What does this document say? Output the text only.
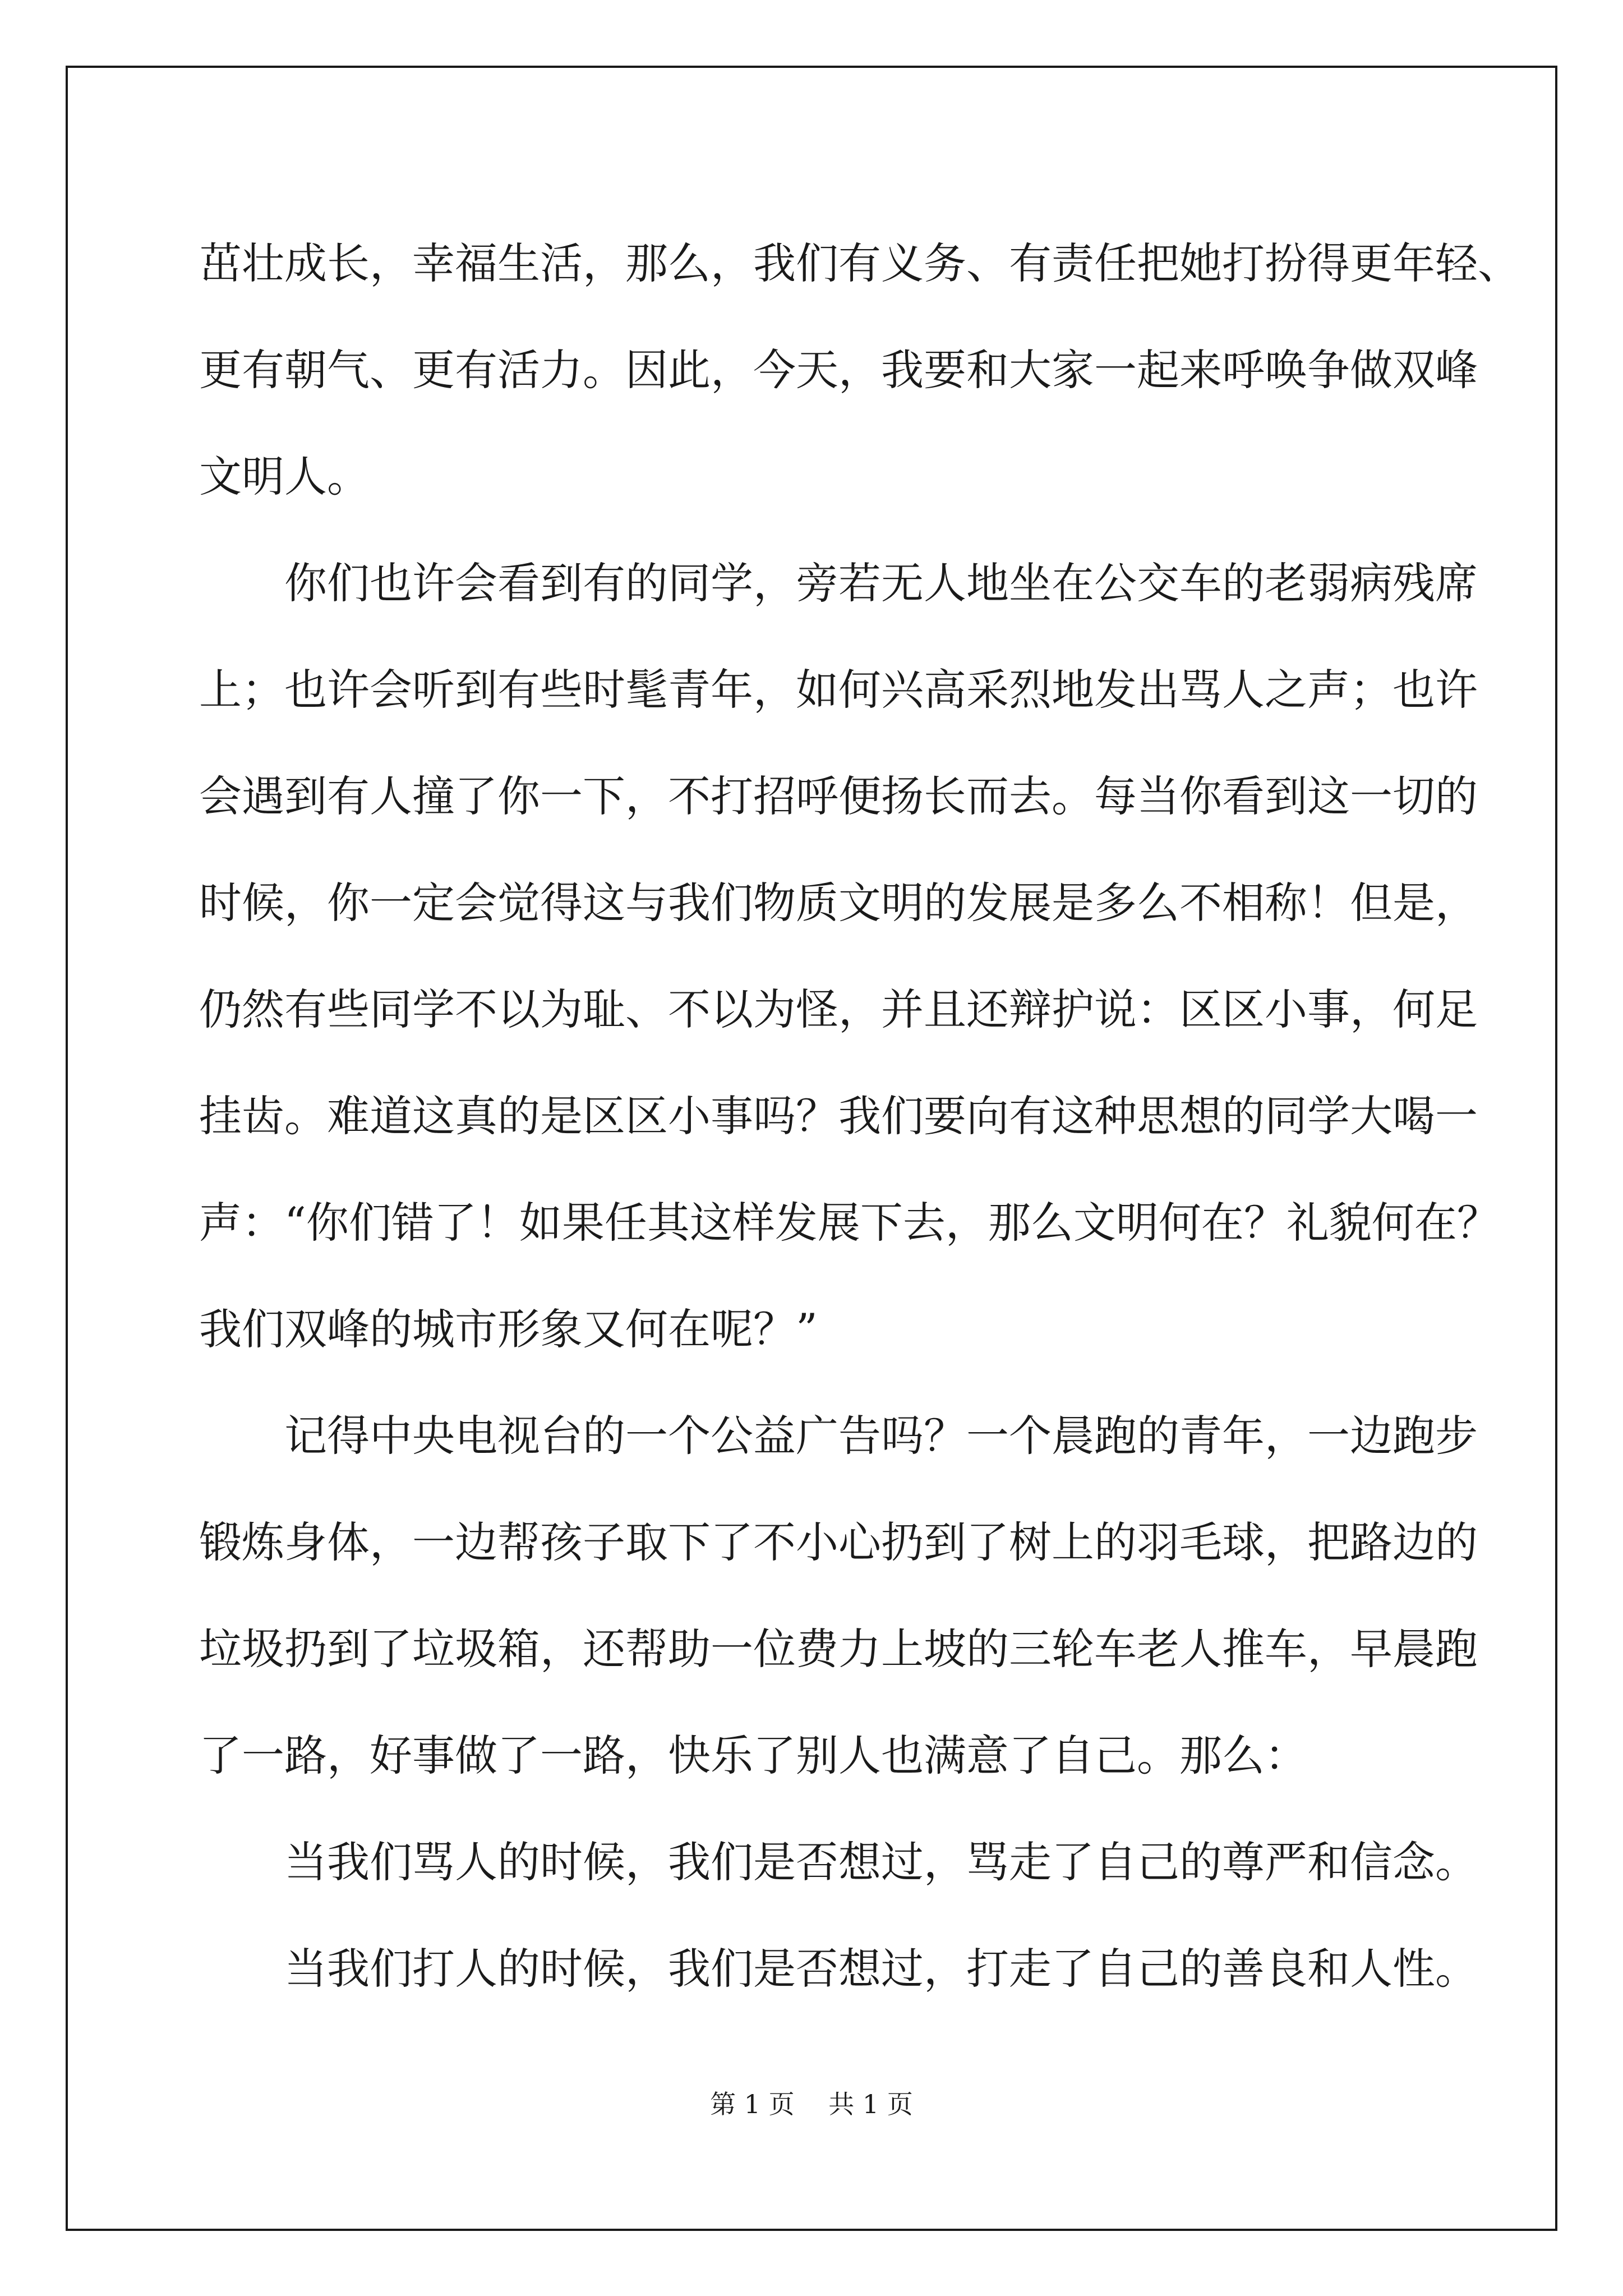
茁壮成长，幸福生活，那么，我们有义务、有责任把她打扮得更年轻、
更有朝气、更有活力。因此，今天，我要和大家一起来呼唤争做双峰
文明人。
你们也许会看到有的同学，旁若无人地坐在公交车的老弱病残席
上；也许会听到有些时髦青年，如何兴高采烈地发出骂人之声；也许
会遇到有人撞了你一下，不打招呼便扬长而去。每当你看到这一切的
时候，你一定会觉得这与我们物质文明的发展是多么不相称！但是，
仍然有些同学不以为耻、不以为怪，并且还辩护说：区区小事，何足
挂齿。难道这真的是区区小事吗？我们要向有这种思想的同学大喝一
声：“你们错了！如果任其这样发展下去，那么文明何在？礼貌何在？
我们双峰的城市形象又何在呢？”
记得中央电视台的一个公益广告吗？一个晨跑的青年，一边跑步
锻炼身体，一边帮孩子取下了不小心扔到了树上的羽毛球，把路边的
垃圾扔到了垃圾箱，还帮助一位费力上坡的三轮车老人推车，早晨跑
了一路，好事做了一路，快乐了别人也满意了自己。那么：
当我们骂人的时候，我们是否想过，骂走了自己的尊严和信念。
当我们打人的时候，我们是否想过，打走了自己的善良和人性。
第 1 页　 共 1 页
